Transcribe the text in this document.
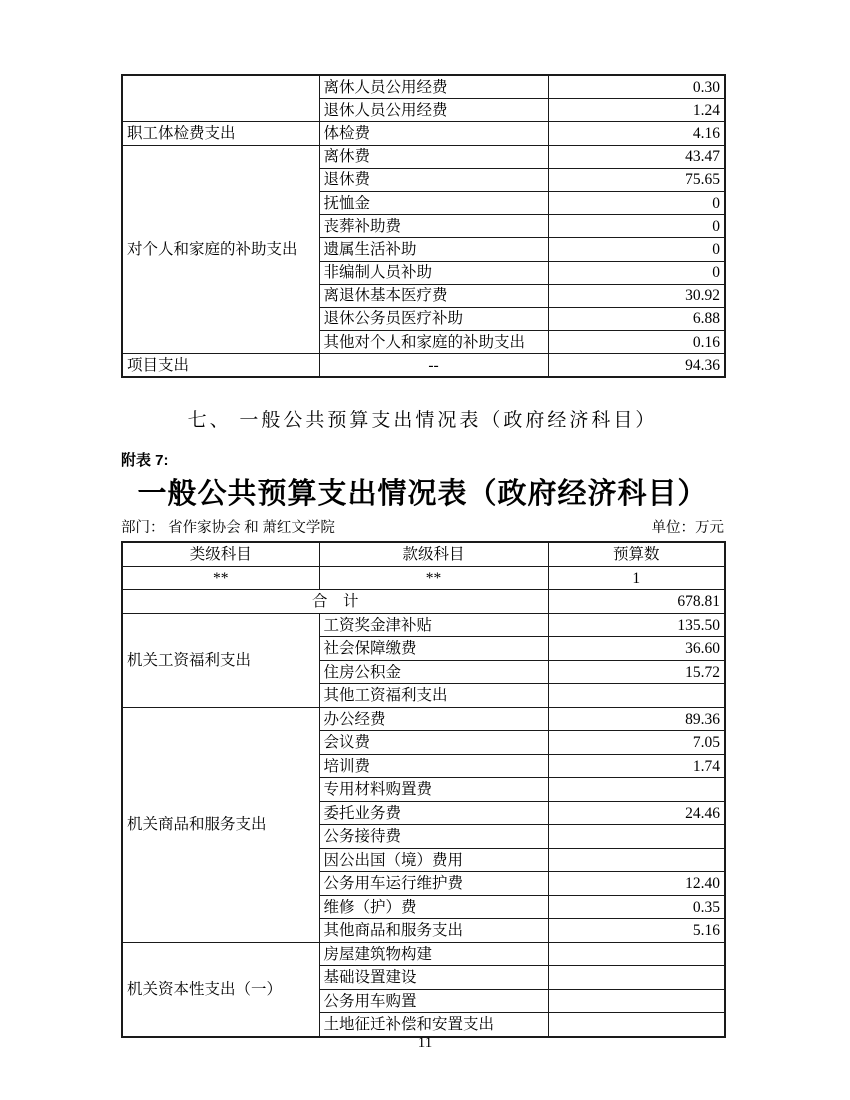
	离休人员公用经费	0.30
	退休人员公用经费	1.24
职工体检费支出	体检费	4.16
对个人和家庭的补助支出	离休费	43.47
	退休费	75.65
	抚恤金	0
	丧葬补助费	0
	遗属生活补助	0
	非编制人员补助	0
	离退休基本医疗费	30.92
	退休公务员医疗补助	6.88
	其他对个人和家庭的补助支出	0.16
项目支出	--	94.36
七、 一般公共预算支出情况表（政府经济科目）
附表 7:
一般公共预算支出情况表（政府经济科目）
部门： 省作家协会 和 萧红文学院	单位：万元
类级科目	款级科目	预算数
**	**	1
合　计		678.81
机关工资福利支出	工资奖金津补贴	135.50
	社会保障缴费	36.60
	住房公积金	15.72
	其他工资福利支出	
机关商品和服务支出	办公经费	89.36
	会议费	7.05
	培训费	1.74
	专用材料购置费	
	委托业务费	24.46
	公务接待费	
	因公出国（境）费用	
	公务用车运行维护费	12.40
	维修（护）费	0.35
	其他商品和服务支出	5.16
机关资本性支出（一）	房屋建筑物构建	
	基础设置建设	
	公务用车购置	
	土地征迁补偿和安置支出	
11
